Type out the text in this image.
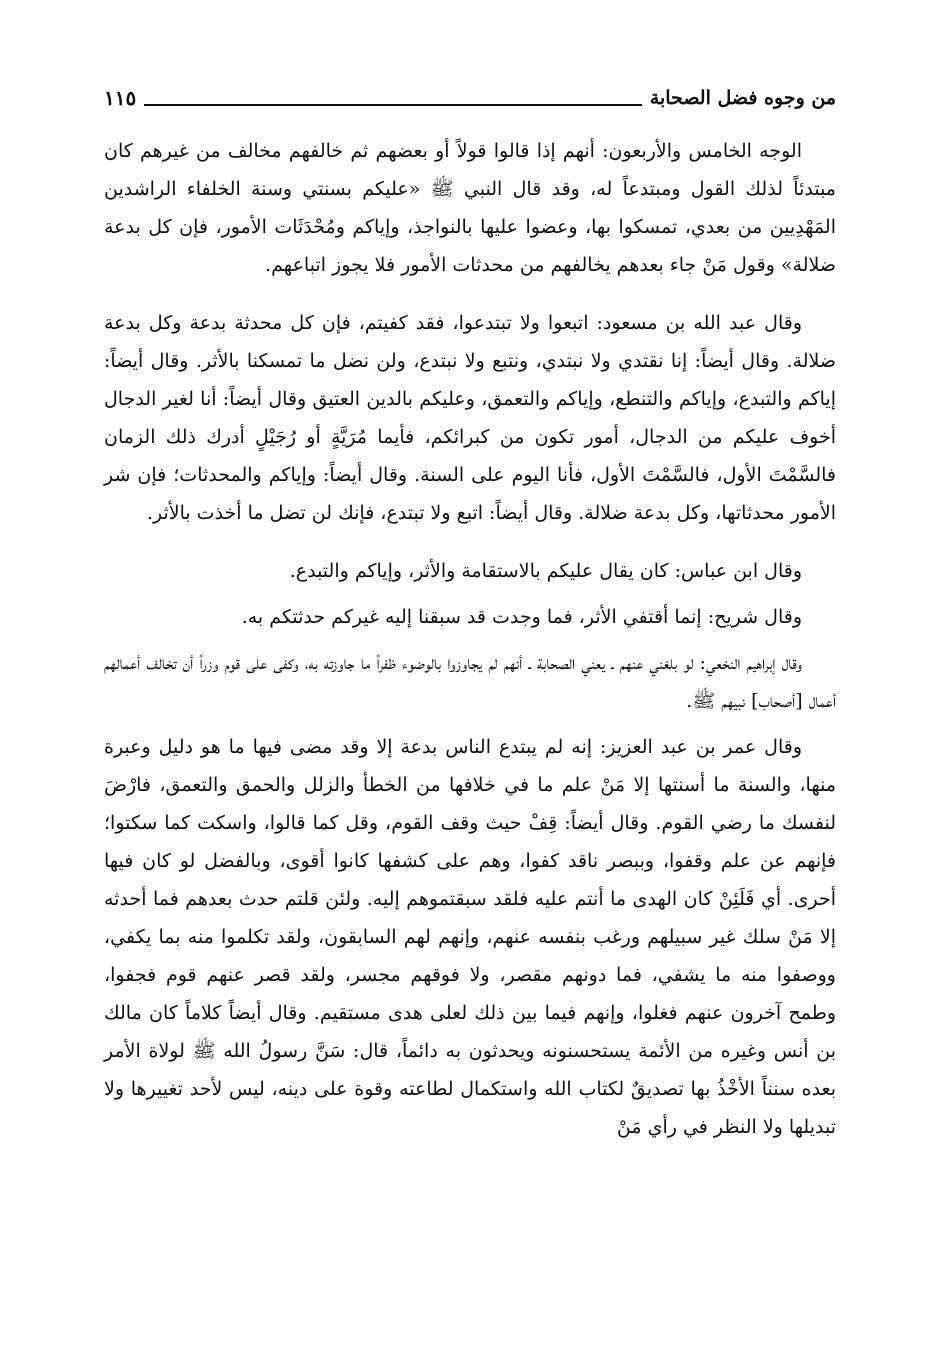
من وجوه فضل الصحابة
١١٥

الوجه الخامس والأربعون: أنهم إذا قالوا قولاً أو بعضهم ثم خالفهم مخالف من غيرهم كان مبتدئاً لذلك القول ومبتدعاً له، وقد قال النبي ﷺ «عليكم بسنتي وسنة الخلفاء الراشدين المَهْدِيين من بعدي، تمسكوا بها، وعضوا عليها بالنواجذ، وإياكم ومُحْدَثَات الأمور، فإن كل بدعة ضلالة» وقول مَنْ جاء بعدهم يخالفهم من محدثات الأمور فلا يجوز اتباعهم.

وقال عبد الله بن مسعود: اتبعوا ولا تبتدعوا، فقد كفيتم، فإن كل محدثة بدعة وكل بدعة ضلالة. وقال أيضاً: إنا نقتدي ولا نبتدي، ونتبع ولا نبتدع، ولن نضل ما تمسكنا بالأثر. وقال أيضاً: إياكم والتبدع، وإياكم والتنطع، وإياكم والتعمق، وعليكم بالدين العتيق وقال أيضاً: أنا لغير الدجال أخوف عليكم من الدجال، أمور تكون من كبرائكم، فأيما مُرَيَّةٍ أو رُجَيْلٍ أدرك ذلك الزمان فالسَّمْتَ الأول، فالسَّمْتَ الأول، فأنا اليوم على السنة. وقال أيضاً: وإياكم والمحدثات؛ فإن شر الأمور محدثاتها، وكل بدعة ضلالة. وقال أيضاً: اتبع ولا تبتدع، فإنك لن تضل ما أخذت بالأثر.

وقال ابن عباس: كان يقال عليكم بالاستقامة والأثر، وإياكم والتبدع.

وقال شريح: إنما أقتفي الأثر، فما وجدت قد سبقنا إليه غيركم حدثتكم به.

وقال إبراهيم النخعي: لو بلغني عنهم ـ يعني الصحابة ـ أنهم لم يجاوزوا بالوضوء ظفراً ما جاوزته به، وكفى على قوم وزراً أن تخالف أعمالهم أعمال [أصحاب] نبيهم ﷺ.

وقال عمر بن عبد العزيز: إنه لم يبتدع الناس بدعة إلا وقد مضى فيها ما هو دليل وعبرة منها، والسنة ما أسنتها إلا مَنْ علم ما في خلافها من الخطأ والزلل والحمق والتعمق، فارْضَ لنفسك ما رضي القوم. وقال أيضاً: قِفْ حيث وقف القوم، وقل كما قالوا، واسكت كما سكتوا؛ فإنهم عن علم وقفوا، وببصر ناقد كفوا، وهم على كشفها كانوا أقوى، وبالفضل لو كان فيها أحرى. أي فَلَئِنْ كان الهدى ما أنتم عليه فلقد سبقتموهم إليه. ولئن قلتم حدث بعدهم فما أحدثه إلا مَنْ سلك غير سبيلهم ورغب بنفسه عنهم، وإنهم لهم السابقون، ولقد تكلموا منه بما يكفي، ووصفوا منه ما يشفي، فما دونهم مقصر، ولا فوقهم مجسر، ولقد قصر عنهم قوم فجفوا، وطمح آخرون عنهم فغلوا، وإنهم فيما بين ذلك لعلى هدى مستقيم. وقال أيضاً كلاماً كان مالك بن أنس وغيره من الأئمة يستحسنونه ويحدثون به دائماً، قال: سَنَّ رسولُ الله ﷺ لولاة الأمر بعده سنناً الأخْذُ بها تصديقٌ لكتاب الله واستكمال لطاعته وقوة على دينه، ليس لأحد تغييرها ولا تبديلها ولا النظر في رأي مَنْ
